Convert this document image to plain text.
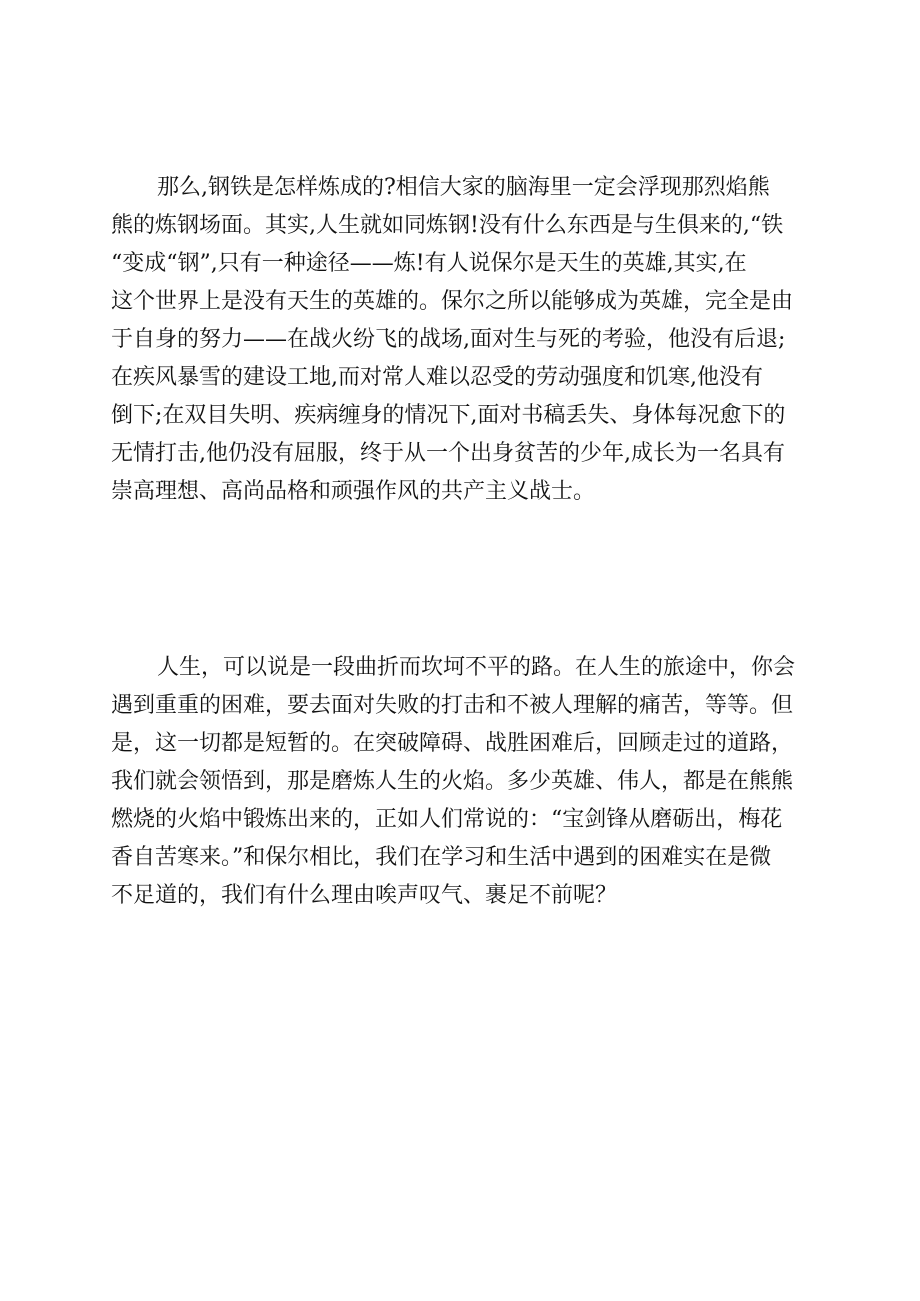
那么,钢铁是怎样炼成的?相信大家的脑海里一定会浮现那烈焰熊
熊的炼钢场面。其实,人生就如同炼钢!没有什么东西是与生俱来的,“铁
“变成“钢”,只有一种途径——炼!有人说保尔是天生的英雄,其实,在
这个世界上是没有天生的英雄的。保尔之所以能够成为英雄，完全是由
于自身的努力——在战火纷飞的战场,面对生与死的考验，他没有后退;
在疾风暴雪的建设工地,而对常人难以忍受的劳动强度和饥寒,他没有
倒下;在双目失明、疾病缠身的情况下,面对书稿丢失、身体每况愈下的
无情打击,他仍没有屈服，终于从一个出身贫苦的少年,成长为一名具有
崇高理想、高尚品格和顽强作风的共产主义战士。
人生，可以说是一段曲折而坎坷不平的路。在人生的旅途中，你会
遇到重重的困难，要去面对失败的打击和不被人理解的痛苦，等等。但
是，这一切都是短暂的。在突破障碍、战胜困难后，回顾走过的道路，
我们就会领悟到，那是磨炼人生的火焰。多少英雄、伟人，都是在熊熊
燃烧的火焰中锻炼出来的，正如人们常说的：“宝剑锋从磨砺出，梅花
香自苦寒来。”和保尔相比，我们在学习和生活中遇到的困难实在是微
不足道的，我们有什么理由唉声叹气、裹足不前呢？
